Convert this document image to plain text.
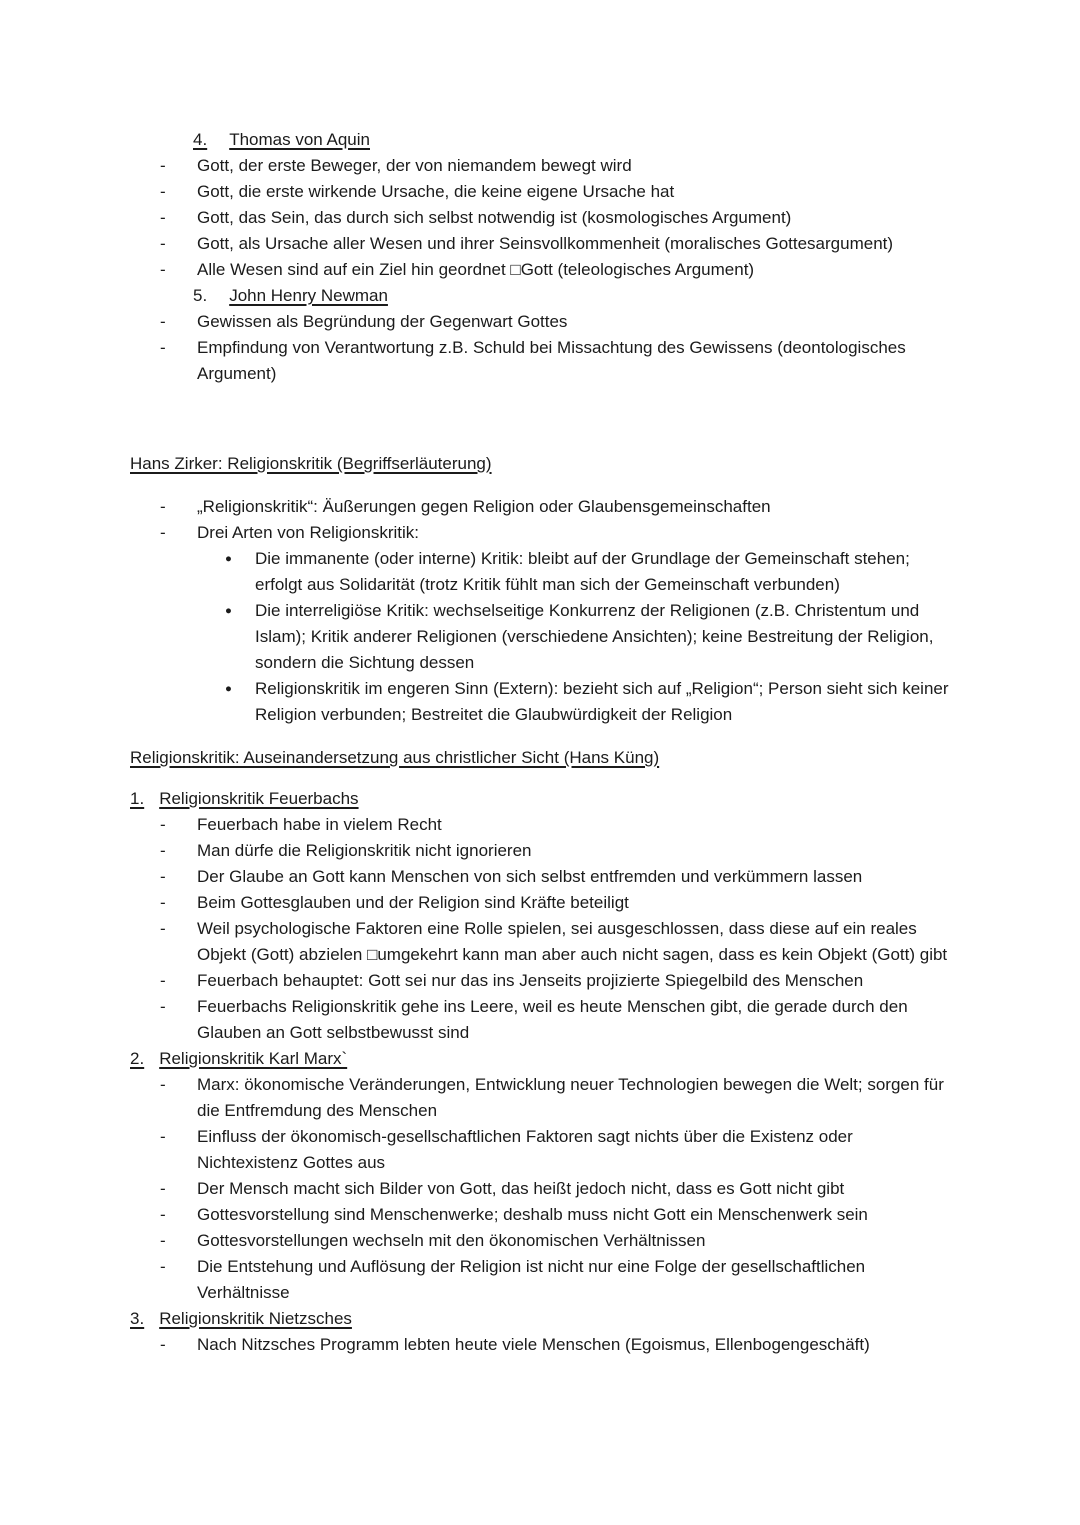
4. Thomas von Aquin
-	Gott, der erste Beweger, der von niemandem bewegt wird
-	Gott, die erste wirkende Ursache, die keine eigene Ursache hat
-	Gott, das Sein, das durch sich selbst notwendig ist (kosmologisches Argument)
-	Gott, als Ursache aller Wesen und ihrer Seinsvollkommenheit (moralisches Gottesargument)
-	Alle Wesen sind auf ein Ziel hin geordnet □Gott (teleologisches Argument)
5. John Henry Newman
-	Gewissen als Begründung der Gegenwart Gottes
-	Empfindung von Verantwortung z.B. Schuld bei Missachtung des Gewissens (deontologisches Argument)
Hans Zirker: Religionskritik (Begriffserläuterung)
-	„Religionskritik“: Äußerungen gegen Religion oder Glaubensgemeinschaften
-	Drei Arten von Religionskritik:
●	Die immanente (oder interne) Kritik: bleibt auf der Grundlage der Gemeinschaft stehen; erfolgt aus Solidarität (trotz Kritik fühlt man sich der Gemeinschaft verbunden)
●	Die interreligiöse Kritik: wechselseitige Konkurrenz der Religionen (z.B. Christentum und Islam); Kritik anderer Religionen (verschiedene Ansichten); keine Bestreitung der Religion, sondern die Sichtung dessen
●	Religionskritik im engeren Sinn (Extern): bezieht sich auf „Religion“; Person sieht sich keiner Religion verbunden; Bestreitet die Glaubwürdigkeit der Religion
Religionskritik: Auseinandersetzung aus christlicher Sicht (Hans Küng)
1. Religionskritik Feuerbachs
-	Feuerbach habe in vielem Recht
-	Man dürfe die Religionskritik nicht ignorieren
-	Der Glaube an Gott kann Menschen von sich selbst entfremden und verkümmern lassen
-	Beim Gottesglauben und der Religion sind Kräfte beteiligt
-	Weil psychologische Faktoren eine Rolle spielen, sei ausgeschlossen, dass diese auf ein reales Objekt (Gott) abzielen □umgekehrt kann man aber auch nicht sagen, dass es kein Objekt (Gott) gibt
-	Feuerbach behauptet: Gott sei nur das ins Jenseits projizierte Spiegelbild des Menschen
-	Feuerbachs Religionskritik gehe ins Leere, weil es heute Menschen gibt, die gerade durch den Glauben an Gott selbstbewusst sind
2. Religionskritik Karl Marx`
-	Marx: ökonomische Veränderungen, Entwicklung neuer Technologien bewegen die Welt; sorgen für die Entfremdung des Menschen
-	Einfluss der ökonomisch-gesellschaftlichen Faktoren sagt nichts über die Existenz oder Nichtexistenz Gottes aus
-	Der Mensch macht sich Bilder von Gott, das heißt jedoch nicht, dass es Gott nicht gibt
-	Gottesvorstellung sind Menschenwerke; deshalb muss nicht Gott ein Menschenwerk sein
-	Gottesvorstellungen wechseln mit den ökonomischen Verhältnissen
-	Die Entstehung und Auflösung der Religion ist nicht nur eine Folge der gesellschaftlichen Verhältnisse
3. Religionskritik Nietzsches
-	Nach Nitzsches Programm lebten heute viele Menschen (Egoismus, Ellenbogengeschäft)
